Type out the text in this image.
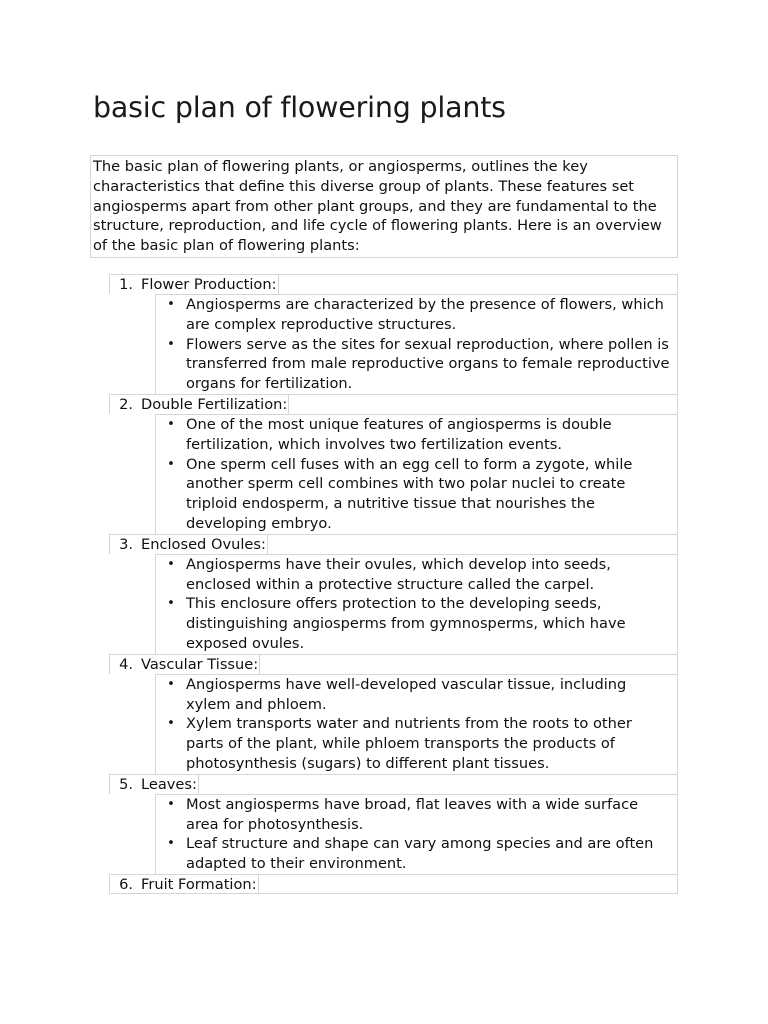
basic plan of flowering plants

The basic plan of flowering plants, or angiosperms, outlines the key characteristics that define this diverse group of plants. These features set angiosperms apart from other plant groups, and they are fundamental to the structure, reproduction, and life cycle of flowering plants. Here is an overview of the basic plan of flowering plants:

1. Flower Production:
• Angiosperms are characterized by the presence of flowers, which are complex reproductive structures.
• Flowers serve as the sites for sexual reproduction, where pollen is transferred from male reproductive organs to female reproductive organs for fertilization.
2. Double Fertilization:
• One of the most unique features of angiosperms is double fertilization, which involves two fertilization events.
• One sperm cell fuses with an egg cell to form a zygote, while another sperm cell combines with two polar nuclei to create triploid endosperm, a nutritive tissue that nourishes the developing embryo.
3. Enclosed Ovules:
• Angiosperms have their ovules, which develop into seeds, enclosed within a protective structure called the carpel.
• This enclosure offers protection to the developing seeds, distinguishing angiosperms from gymnosperms, which have exposed ovules.
4. Vascular Tissue:
• Angiosperms have well-developed vascular tissue, including xylem and phloem.
• Xylem transports water and nutrients from the roots to other parts of the plant, while phloem transports the products of photosynthesis (sugars) to different plant tissues.
5. Leaves:
• Most angiosperms have broad, flat leaves with a wide surface area for photosynthesis.
• Leaf structure and shape can vary among species and are often adapted to their environment.
6. Fruit Formation:
